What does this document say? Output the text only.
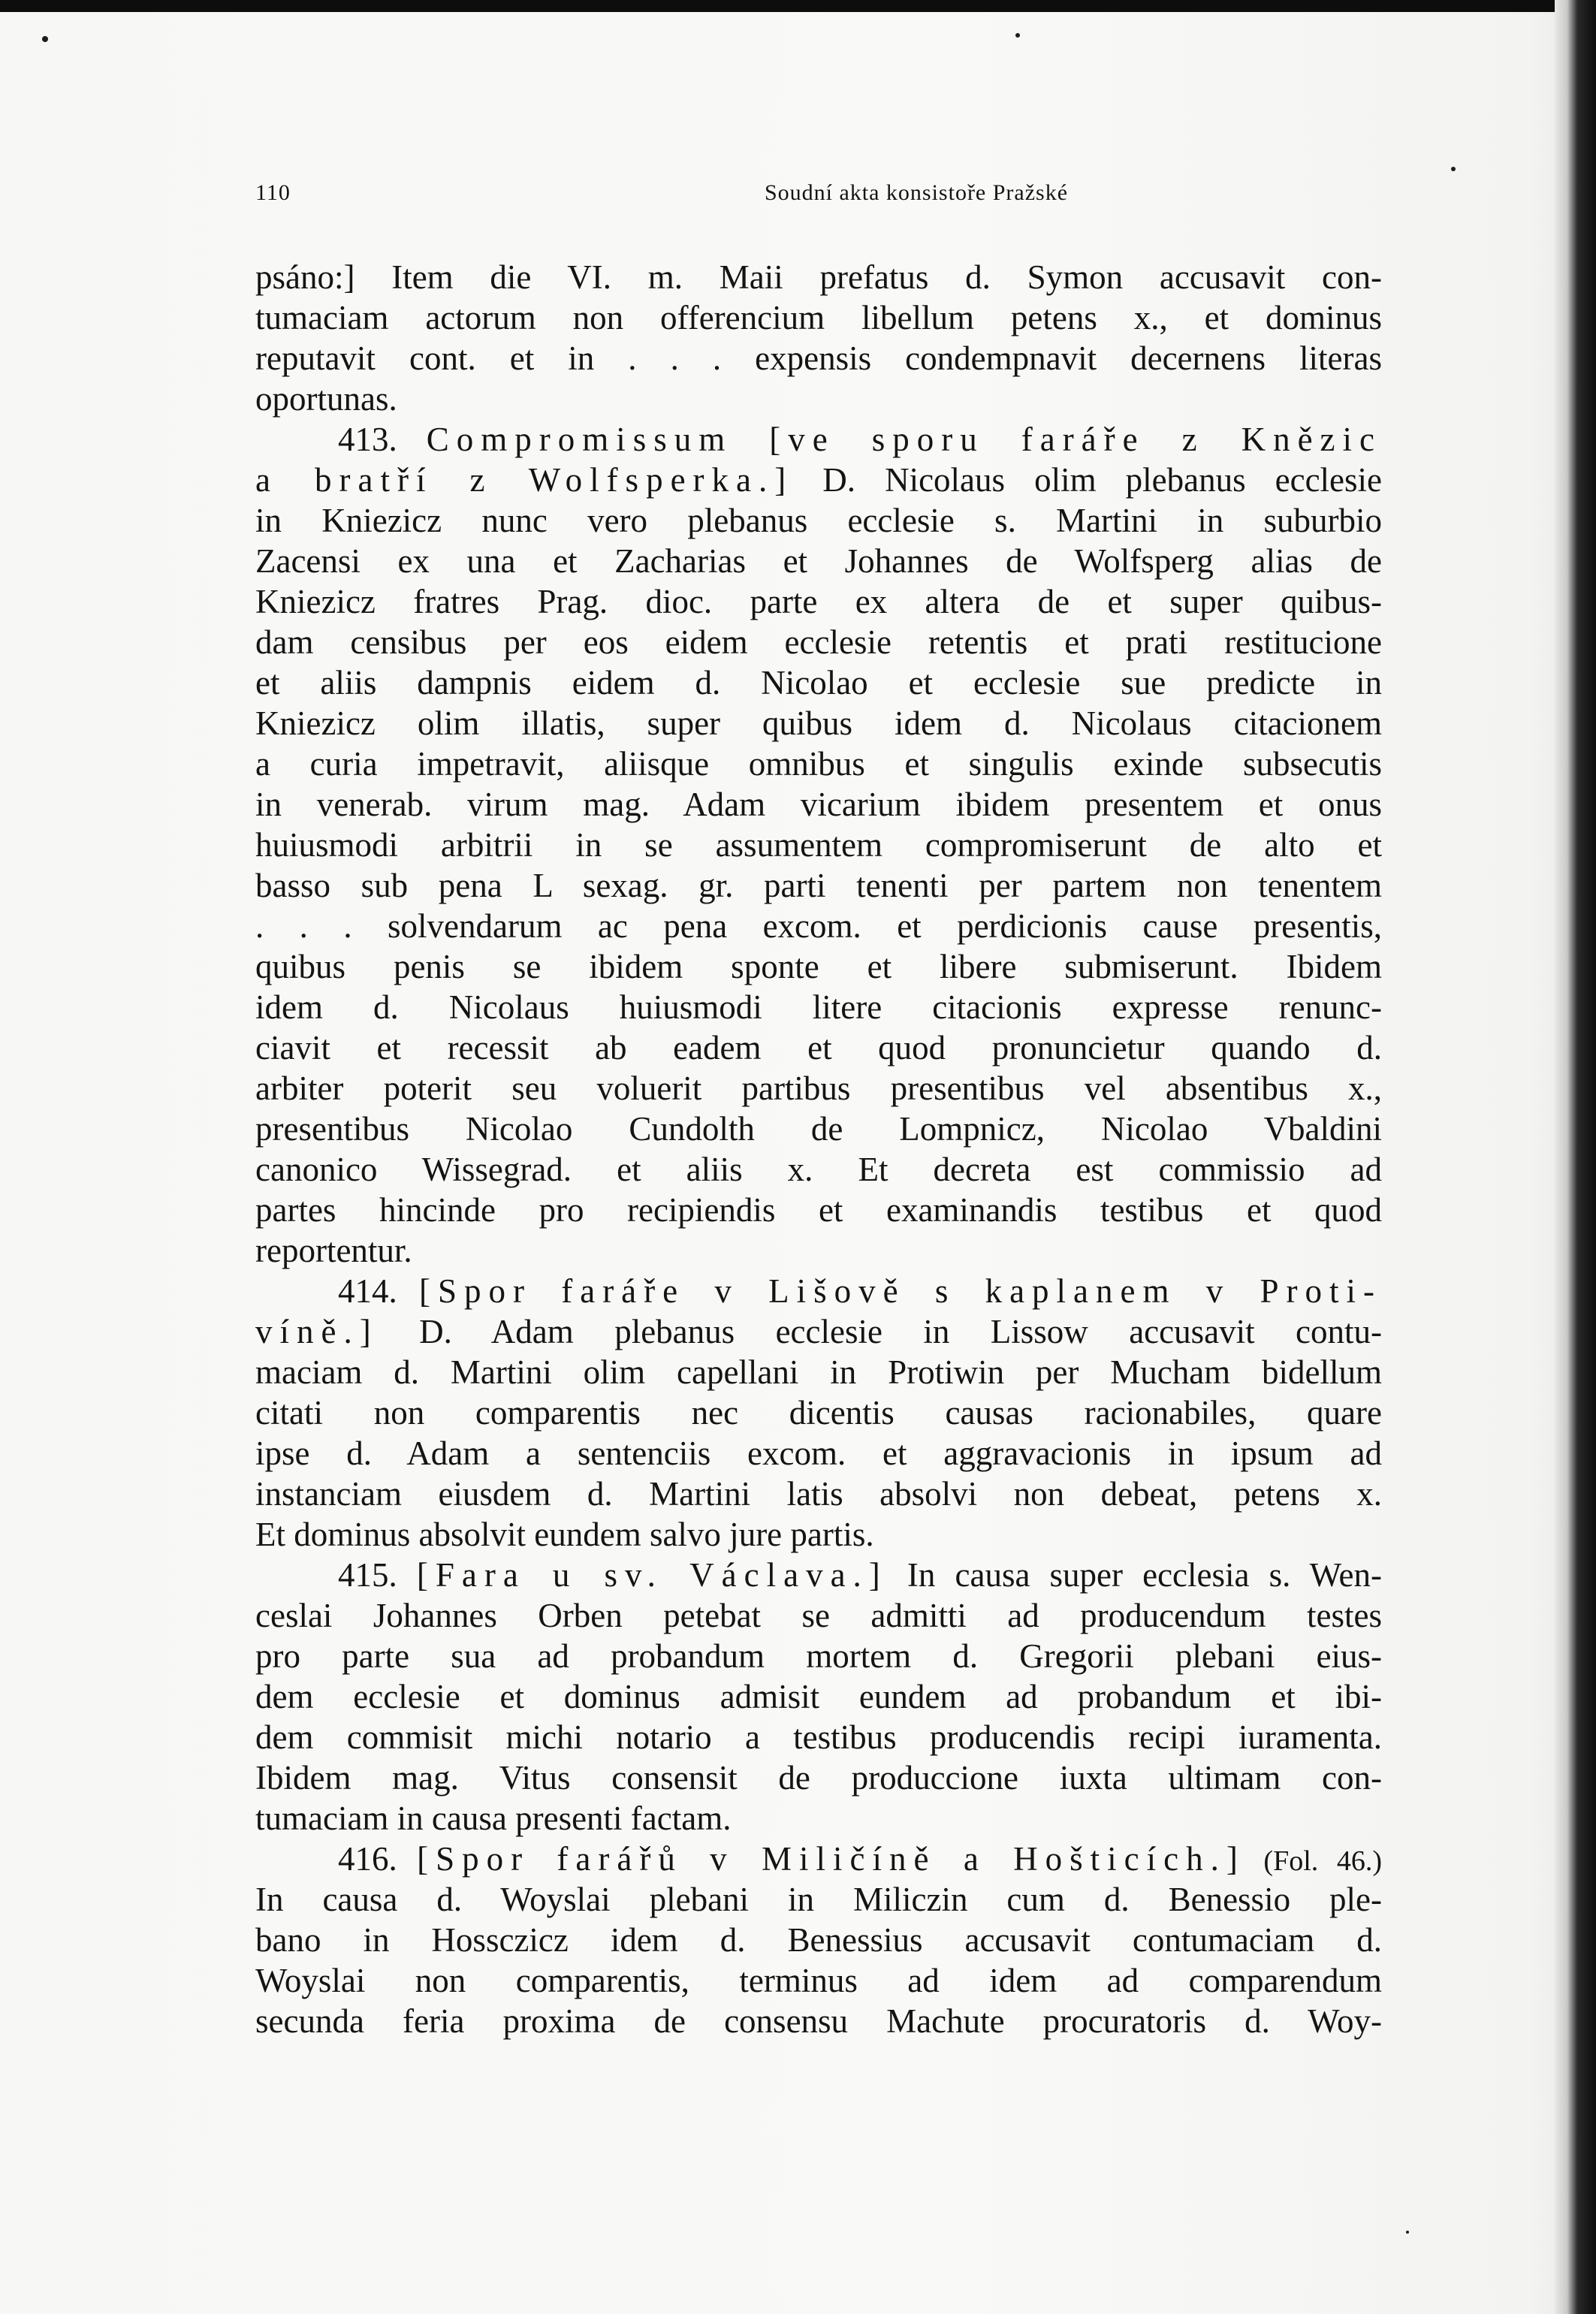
110	Soudní akta konsistoře Pražské
psáno:] Item die VI. m. Maii prefatus d. Symon accusavit con-
tumaciam actorum non offerencium libellum petens x., et dominus
reputavit cont. et in . . . expensis condempnavit decernens literas
oportunas.
413. Compromissum [ve sporu faráře z Knězic
a bratří z Wolfsperka.] D. Nicolaus olim plebanus ecclesie
in Kniezicz nunc vero plebanus ecclesie s. Martini in suburbio
Zacensi ex una et Zacharias et Johannes de Wolfsperg alias de
Kniezicz fratres Prag. dioc. parte ex altera de et super quibus-
dam censibus per eos eidem ecclesie retentis et prati restitucione
et aliis dampnis eidem d. Nicolao et ecclesie sue predicte in
Kniezicz olim illatis, super quibus idem d. Nicolaus citacionem
a curia impetravit, aliisque omnibus et singulis exinde subsecutis
in venerab. virum mag. Adam vicarium ibidem presentem et onus
huiusmodi arbitrii in se assumentem compromiserunt de alto et
basso sub pena L sexag. gr. parti tenenti per partem non tenentem
. . . solvendarum ac pena excom. et perdicionis cause presentis,
quibus penis se ibidem sponte et libere submiserunt. Ibidem
idem d. Nicolaus huiusmodi litere citacionis expresse renunc-
ciavit et recessit ab eadem et quod pronuncietur quando d.
arbiter poterit seu voluerit partibus presentibus vel absentibus x.,
presentibus Nicolao Cundolth de Lompnicz, Nicolao Vbaldini
canonico Wissegrad. et aliis x. Et decreta est commissio ad
partes hincinde pro recipiendis et examinandis testibus et quod
reportentur.
414. [Spor faráře v Lišově s kaplanem v Proti-
víně.] D. Adam plebanus ecclesie in Lissow accusavit contu-
maciam d. Martini olim capellani in Protiwin per Mucham bidellum
citati non comparentis nec dicentis causas racionabiles, quare
ipse d. Adam a sentenciis excom. et aggravacionis in ipsum ad
instanciam eiusdem d. Martini latis absolvi non debeat, petens x.
Et dominus absolvit eundem salvo jure partis.
415. [Fara u sv. Václava.] In causa super ecclesia s. Wen-
ceslai Johannes Orben petebat se admitti ad producendum testes
pro parte sua ad probandum mortem d. Gregorii plebani eius-
dem ecclesie et dominus admisit eundem ad probandum et ibi-
dem commisit michi notario a testibus producendis recipi iuramenta.
Ibidem mag. Vitus consensit de produccione iuxta ultimam con-
tumaciam in causa presenti factam.
416. [Spor farářů v Miličíně a Hošticích.] (Fol. 46.)
In causa d. Woyslai plebani in Miliczin cum d. Benessio ple-
bano in Hossczicz idem d. Benessius accusavit contumaciam d.
Woyslai non comparentis, terminus ad idem ad comparendum
secunda feria proxima de consensu Machute procuratoris d. Woy-
